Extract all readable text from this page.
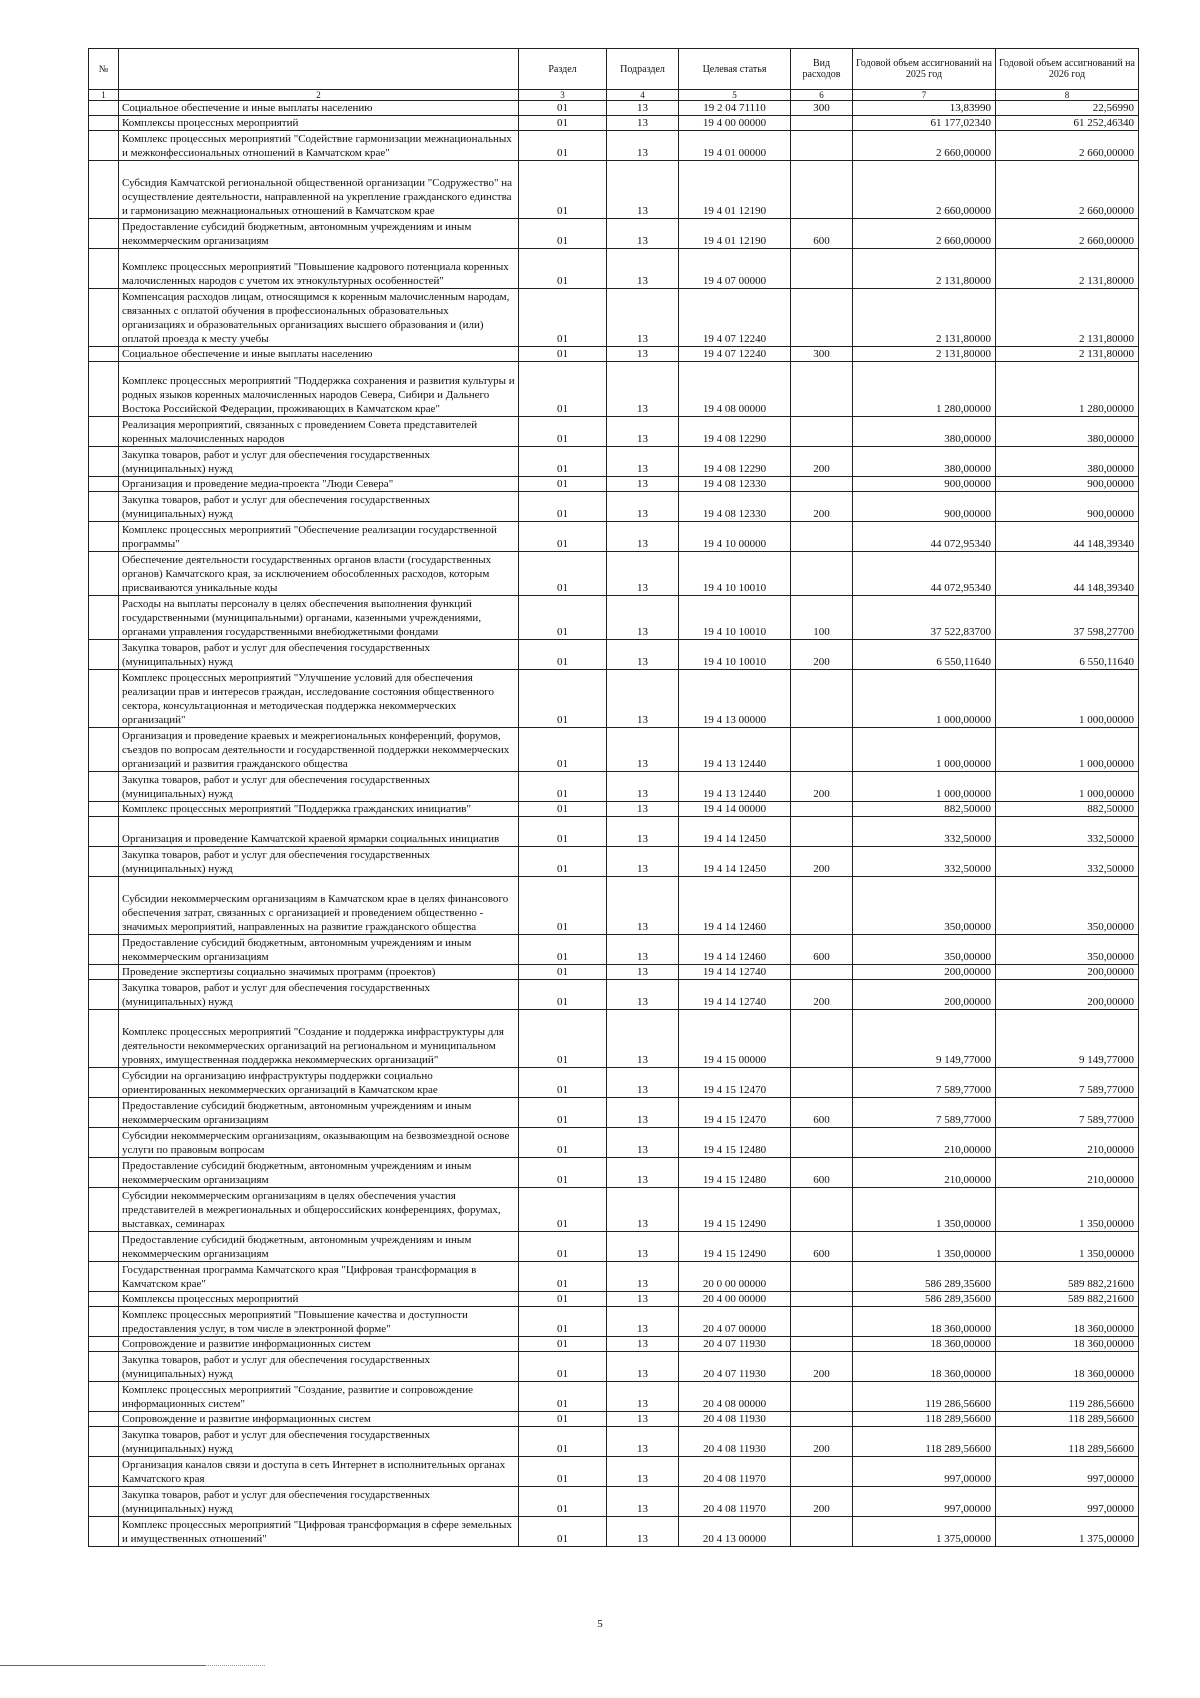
№		Раздел	Подраздел	Целевая статья	Вид расходов	Годовой объем ассигнований на 2025 год	Годовой объем ассигнований на 2026 год
1	2	3	4	5	6	7	8
	Социальное обеспечение и иные выплаты населению	01	13	19 2 04 71110	300	13,83990	22,56990
	Комплексы процессных мероприятий	01	13	19 4 00 00000		61 177,02340	61 252,46340
	Комплекс процессных мероприятий "Содействие гармонизации межнациональных и межконфессиональных отношений в Камчатском крае"	01	13	19 4 01 00000		2 660,00000	2 660,00000
	Субсидия Камчатской региональной общественной организации "Содружество" на осуществление деятельности, направленной на укрепление гражданского единства и гармонизацию межнациональных отношений в Камчатском крае	01	13	19 4 01 12190		2 660,00000	2 660,00000
	Предоставление субсидий бюджетным, автономным учреждениям и иным некоммерческим организациям	01	13	19 4 01 12190	600	2 660,00000	2 660,00000
	Комплекс процессных мероприятий "Повышение кадрового потенциала коренных малочисленных народов с учетом их этнокультурных особенностей"	01	13	19 4 07 00000		2 131,80000	2 131,80000
	Компенсация расходов лицам, относящимся к коренным малочисленным народам, связанных с оплатой обучения в профессиональных образовательных организациях и образовательных организациях высшего образования и (или) оплатой проезда к месту учебы	01	13	19 4 07 12240		2 131,80000	2 131,80000
	Социальное обеспечение и иные выплаты населению	01	13	19 4 07 12240	300	2 131,80000	2 131,80000
	Комплекс процессных мероприятий "Поддержка сохранения и развития культуры и родных языков коренных малочисленных народов Севера, Сибири и Дальнего Востока Российской Федерации, проживающих в Камчатском крае"	01	13	19 4 08 00000		1 280,00000	1 280,00000
	Реализация мероприятий, связанных с проведением Совета представителей коренных малочисленных народов	01	13	19 4 08 12290		380,00000	380,00000
	Закупка товаров, работ и услуг для обеспечения государственных (муниципальных) нужд	01	13	19 4 08 12290	200	380,00000	380,00000
	Организация и проведение медиа-проекта "Люди Севера"	01	13	19 4 08 12330		900,00000	900,00000
	Закупка товаров, работ и услуг для обеспечения государственных (муниципальных) нужд	01	13	19 4 08 12330	200	900,00000	900,00000
	Комплекс процессных мероприятий "Обеспечение реализации государственной программы"	01	13	19 4 10 00000		44 072,95340	44 148,39340
	Обеспечение деятельности государственных органов власти (государственных органов) Камчатского края, за исключением обособленных расходов, которым присваиваются уникальные коды	01	13	19 4 10 10010		44 072,95340	44 148,39340
	Расходы на выплаты персоналу в целях обеспечения выполнения функций государственными (муниципальными) органами, казенными учреждениями, органами управления государственными внебюджетными фондами	01	13	19 4 10 10010	100	37 522,83700	37 598,27700
	Закупка товаров, работ и услуг для обеспечения государственных (муниципальных) нужд	01	13	19 4 10 10010	200	6 550,11640	6 550,11640
	Комплекс процессных мероприятий "Улучшение условий для обеспечения реализации прав и интересов граждан, исследование состояния общественного сектора, консультационная и методическая поддержка некоммерческих организаций"	01	13	19 4 13 00000		1 000,00000	1 000,00000
	Организация и проведение краевых и межрегиональных конференций, форумов, съездов по вопросам деятельности и государственной поддержки некоммерческих организаций и развития гражданского общества	01	13	19 4 13 12440		1 000,00000	1 000,00000
	Закупка товаров, работ и услуг для обеспечения государственных (муниципальных) нужд	01	13	19 4 13 12440	200	1 000,00000	1 000,00000
	Комплекс процессных мероприятий "Поддержка гражданских инициатив"	01	13	19 4 14 00000		882,50000	882,50000
	Организация и проведение Камчатской краевой ярмарки социальных инициатив	01	13	19 4 14 12450		332,50000	332,50000
	Закупка товаров, работ и услуг для обеспечения государственных (муниципальных) нужд	01	13	19 4 14 12450	200	332,50000	332,50000
	Субсидии некоммерческим организациям в Камчатском крае в целях финансового обеспечения затрат, связанных с организацией и проведением общественно - значимых мероприятий, направленных на развитие гражданского общества	01	13	19 4 14 12460		350,00000	350,00000
	Предоставление субсидий бюджетным, автономным учреждениям и иным некоммерческим организациям	01	13	19 4 14 12460	600	350,00000	350,00000
	Проведение экспертизы социально значимых программ (проектов)	01	13	19 4 14 12740		200,00000	200,00000
	Закупка товаров, работ и услуг для обеспечения государственных (муниципальных) нужд	01	13	19 4 14 12740	200	200,00000	200,00000
	Комплекс процессных мероприятий "Создание и поддержка инфраструктуры для деятельности некоммерческих организаций на региональном и муниципальном уровнях, имущественная поддержка некоммерческих организаций"	01	13	19 4 15 00000		9 149,77000	9 149,77000
	Субсидии на организацию инфраструктуры поддержки социально ориентированных некоммерческих организаций в Камчатском крае	01	13	19 4 15 12470		7 589,77000	7 589,77000
	Предоставление субсидий бюджетным, автономным учреждениям и иным некоммерческим организациям	01	13	19 4 15 12470	600	7 589,77000	7 589,77000
	Субсидии некоммерческим организациям, оказывающим на безвозмездной основе услуги по правовым вопросам	01	13	19 4 15 12480		210,00000	210,00000
	Предоставление субсидий бюджетным, автономным учреждениям и иным некоммерческим организациям	01	13	19 4 15 12480	600	210,00000	210,00000
	Субсидии некоммерческим организациям в целях обеспечения участия представителей в межрегиональных и общероссийских конференциях, форумах, выставках, семинарах	01	13	19 4 15 12490		1 350,00000	1 350,00000
	Предоставление субсидий бюджетным, автономным учреждениям и иным некоммерческим организациям	01	13	19 4 15 12490	600	1 350,00000	1 350,00000
	Государственная программа Камчатского края "Цифровая трансформация в Камчатском крае"	01	13	20 0 00 00000		586 289,35600	589 882,21600
	Комплексы процессных мероприятий	01	13	20 4 00 00000		586 289,35600	589 882,21600
	Комплекс процессных мероприятий "Повышение качества и доступности предоставления услуг, в том числе в электронной форме"	01	13	20 4 07 00000		18 360,00000	18 360,00000
	Сопровождение и развитие информационных систем	01	13	20 4 07 11930		18 360,00000	18 360,00000
	Закупка товаров, работ и услуг для обеспечения государственных (муниципальных) нужд	01	13	20 4 07 11930	200	18 360,00000	18 360,00000
	Комплекс процессных мероприятий "Создание, развитие и сопровождение информационных систем"	01	13	20 4 08 00000		119 286,56600	119 286,56600
	Сопровождение и развитие информационных систем	01	13	20 4 08 11930		118 289,56600	118 289,56600
	Закупка товаров, работ и услуг для обеспечения государственных (муниципальных) нужд	01	13	20 4 08 11930	200	118 289,56600	118 289,56600
	Организация каналов связи и доступа в сеть Интернет в исполнительных органах Камчатского края	01	13	20 4 08 11970		997,00000	997,00000
	Закупка товаров, работ и услуг для обеспечения государственных (муниципальных) нужд	01	13	20 4 08 11970	200	997,00000	997,00000
	Комплекс процессных мероприятий "Цифровая трансформация в сфере земельных и имущественных отношений"	01	13	20 4 13 00000		1 375,00000	1 375,00000
5
